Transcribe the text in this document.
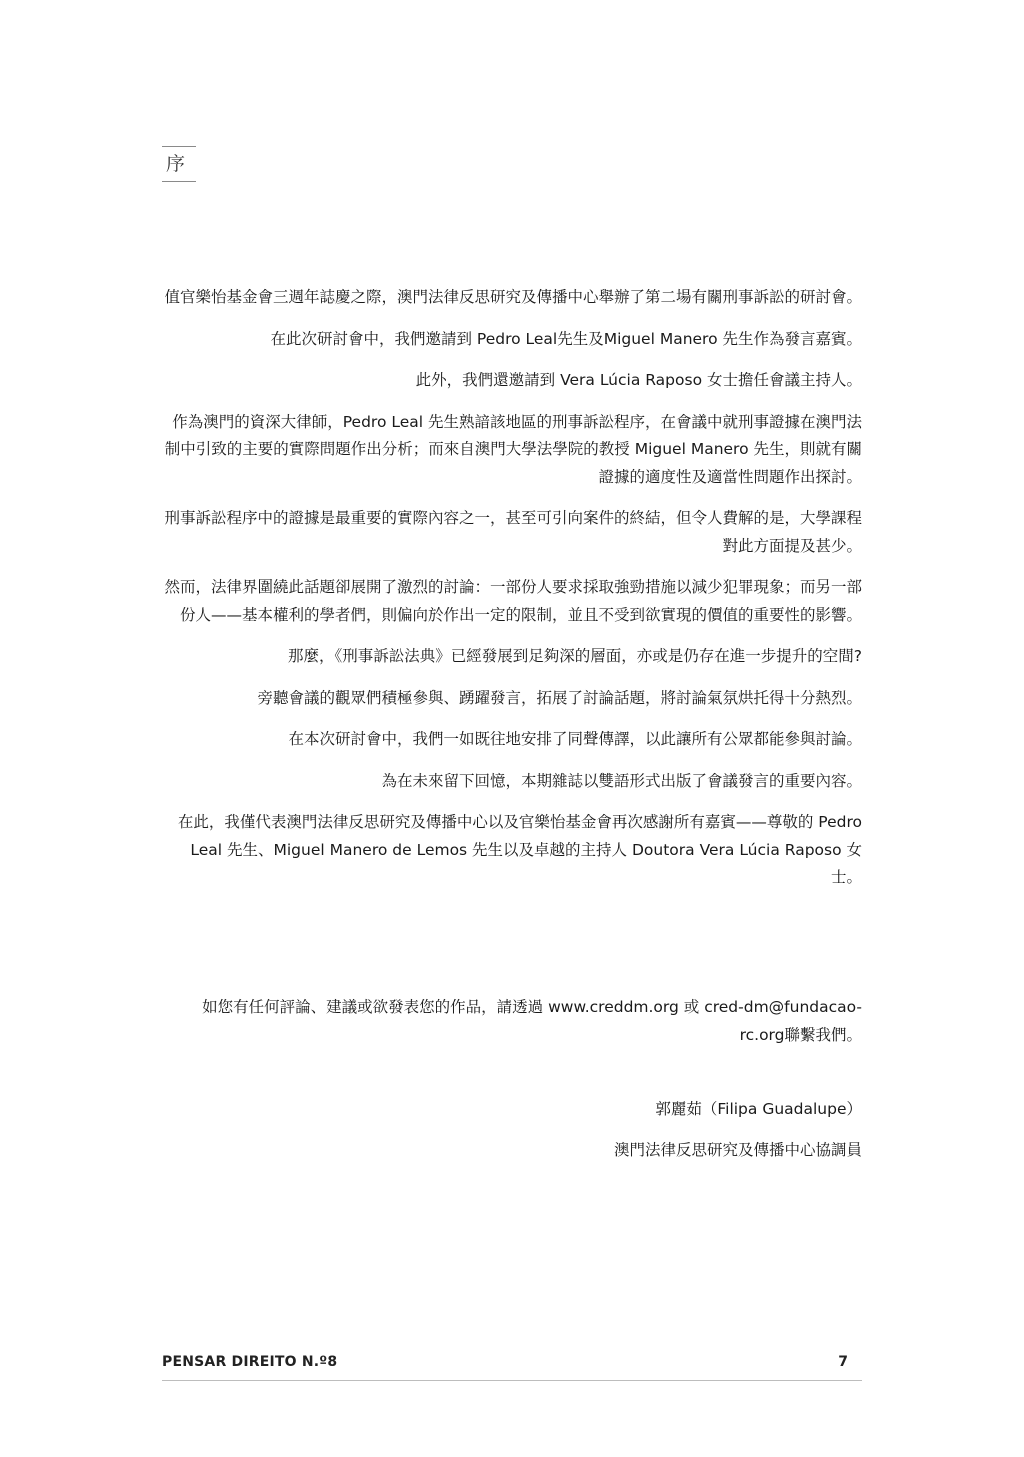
序

值官樂怡基金會三週年誌慶之際，澳門法律反思研究及傳播中心舉辦了第二場有關刑事訴訟的研討會。

在此次研討會中，我們邀請到 Pedro Leal先生及Miguel Manero 先生作為發言嘉賓。

此外，我們還邀請到 Vera Lúcia Raposo 女士擔任會議主持人。

作為澳門的資深大律師，Pedro Leal 先生熟諳該地區的刑事訴訟程序，在會議中就刑事證據在澳門法制中引致的主要的實際問題作出分析；而來自澳門大學法學院的教授 Miguel Manero 先生，則就有關證據的適度性及適當性問題作出探討。

刑事訴訟程序中的證據是最重要的實際內容之一，甚至可引向案件的終結，但令人費解的是，大學課程對此方面提及甚少。

然而，法律界圍繞此話題卻展開了激烈的討論：一部份人要求採取強勁措施以減少犯罪現象；而另一部份人——基本權利的學者們，則偏向於作出一定的限制，並且不受到欲實現的價值的重要性的影響。

那麼，《刑事訴訟法典》已經發展到足夠深的層面，亦或是仍存在進一步提升的空間?

旁聽會議的觀眾們積極參與、踴躍發言，拓展了討論話題，將討論氣氛烘托得十分熱烈。

在本次研討會中，我們一如既往地安排了同聲傳譯，以此讓所有公眾都能參與討論。

為在未來留下回憶，本期雜誌以雙語形式出版了會議發言的重要內容。

在此，我僅代表澳門法律反思研究及傳播中心以及官樂怡基金會再次感謝所有嘉賓——尊敬的 Pedro Leal 先生、Miguel Manero de Lemos 先生以及卓越的主持人 Doutora Vera Lúcia Raposo 女士。

如您有任何評論、建議或欲發表您的作品，請透過 www.creddm.org 或 cred-dm@fundacao-rc.org聯繫我們。

郭麗茹（Filipa Guadalupe）
澳門法律反思研究及傳播中心協調員
PENSAR DIREITO N.º8	7
